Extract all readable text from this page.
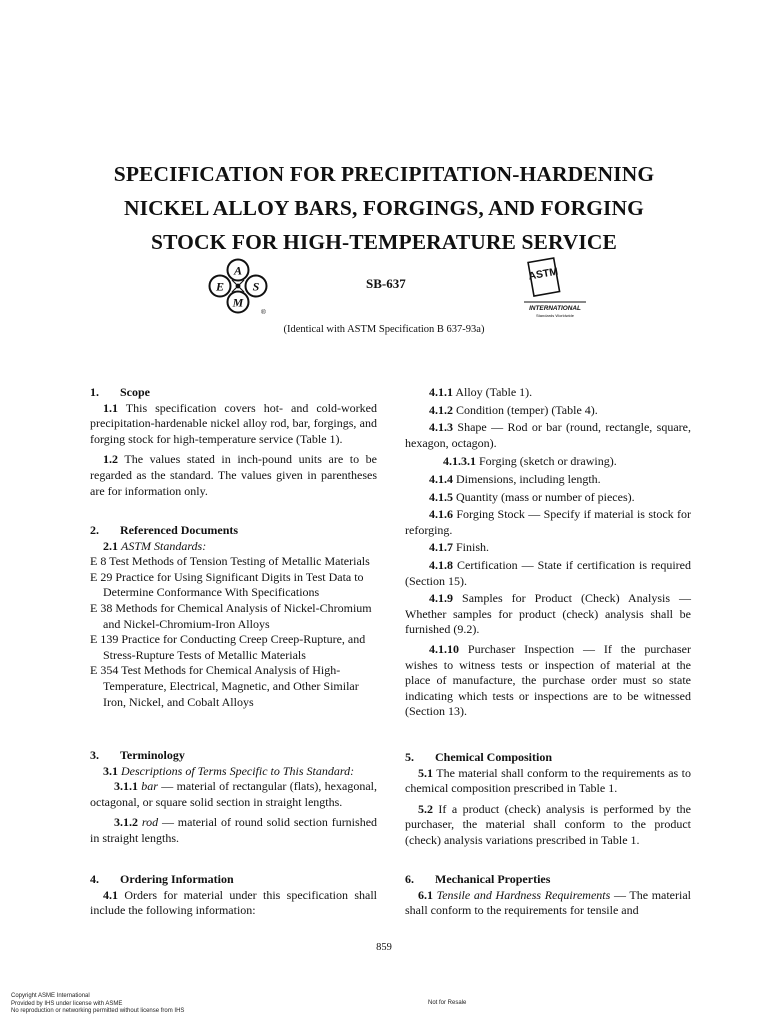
SPECIFICATION FOR PRECIPITATION-HARDENING
NICKEL ALLOY BARS, FORGINGS, AND FORGING
STOCK FOR HIGH-TEMPERATURE SERVICE
A
E S
M
®
SB-637
ASTM
INTERNATIONAL
Standards Worldwide
(Identical with ASTM Specification B 637-93a)
1. Scope

1.1 This specification covers hot- and cold-worked precipitation-hardenable nickel alloy rod, bar, forgings, and forging stock for high-temperature service (Table 1).

1.2 The values stated in inch-pound units are to be regarded as the standard. The values given in parentheses are for information only.

2. Referenced Documents

2.1 ASTM Standards:

E 8 Test Methods of Tension Testing of Metallic Materials

E 29 Practice for Using Significant Digits in Test Data to Determine Conformance With Specifications

E 38 Methods for Chemical Analysis of Nickel-Chromium and Nickel-Chromium-Iron Alloys

E 139 Practice for Conducting Creep Creep-Rupture, and Stress-Rupture Tests of Metallic Materials

E 354 Test Methods for Chemical Analysis of High-Temperature, Electrical, Magnetic, and Other Similar Iron, Nickel, and Cobalt Alloys

3. Terminology

3.1 Descriptions of Terms Specific to This Standard:

3.1.1 bar — material of rectangular (flats), hexagonal, octagonal, or square solid section in straight lengths.

3.1.2 rod — material of round solid section furnished in straight lengths.

4. Ordering Information

4.1 Orders for material under this specification shall include the following information:

4.1.1 Alloy (Table 1).

4.1.2 Condition (temper) (Table 4).

4.1.3 Shape — Rod or bar (round, rectangle, square, hexagon, octagon).

4.1.3.1 Forging (sketch or drawing).

4.1.4 Dimensions, including length.

4.1.5 Quantity (mass or number of pieces).

4.1.6 Forging Stock — Specify if material is stock for reforging.

4.1.7 Finish.

4.1.8 Certification — State if certification is required (Section 15).

4.1.9 Samples for Product (Check) Analysis — Whether samples for product (check) analysis shall be furnished (9.2).

4.1.10 Purchaser Inspection — If the purchaser wishes to witness tests or inspection of material at the place of manufacture, the purchase order must so state indicating which tests or inspections are to be witnessed (Section 13).

5. Chemical Composition

5.1 The material shall conform to the requirements as to chemical composition prescribed in Table 1.

5.2 If a product (check) analysis is performed by the purchaser, the material shall conform to the product (check) analysis variations prescribed in Table 1.

6. Mechanical Properties

6.1 Tensile and Hardness Requirements — The material shall conform to the requirements for tensile and

859
Copyright ASME International
Provided by IHS under license with ASME
No reproduction or networking permitted without license from IHS
Not for Resale
